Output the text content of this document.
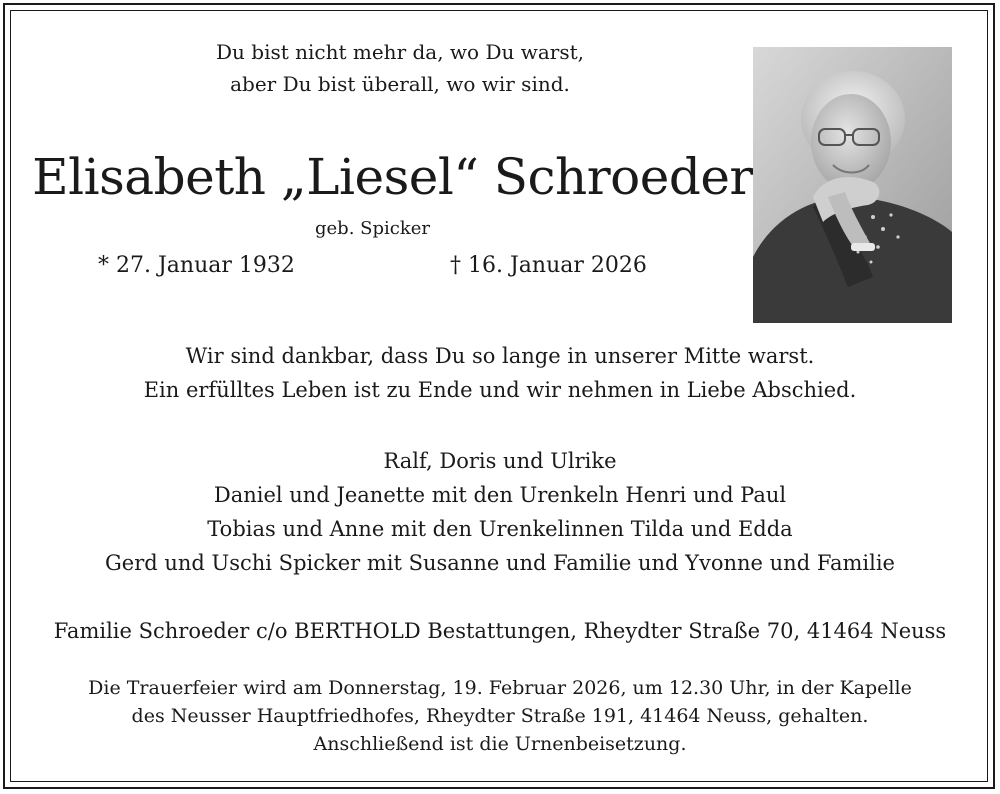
Du bist nicht mehr da, wo Du warst,
aber Du bist überall, wo wir sind.
Elisabeth „Liesel“ Schroeder
geb. Spicker
* 27. Januar 1932	† 16. Januar 2026
Wir sind dankbar, dass Du so lange in unserer Mitte warst.
Ein erfülltes Leben ist zu Ende und wir nehmen in Liebe Abschied.
Ralf, Doris und Ulrike
Daniel und Jeanette mit den Urenkeln Henri und Paul
Tobias und Anne mit den Urenkelinnen Tilda und Edda
Gerd und Uschi Spicker mit Susanne und Familie und Yvonne und Familie
Familie Schroeder c/o BERTHOLD Bestattungen, Rheydter Straße 70, 41464 Neuss
Die Trauerfeier wird am Donnerstag, 19. Februar 2026, um 12.30 Uhr, in der Kapelle
des Neusser Hauptfriedhofes, Rheydter Straße 191, 41464 Neuss, gehalten.
Anschließend ist die Urnenbeisetzung.
